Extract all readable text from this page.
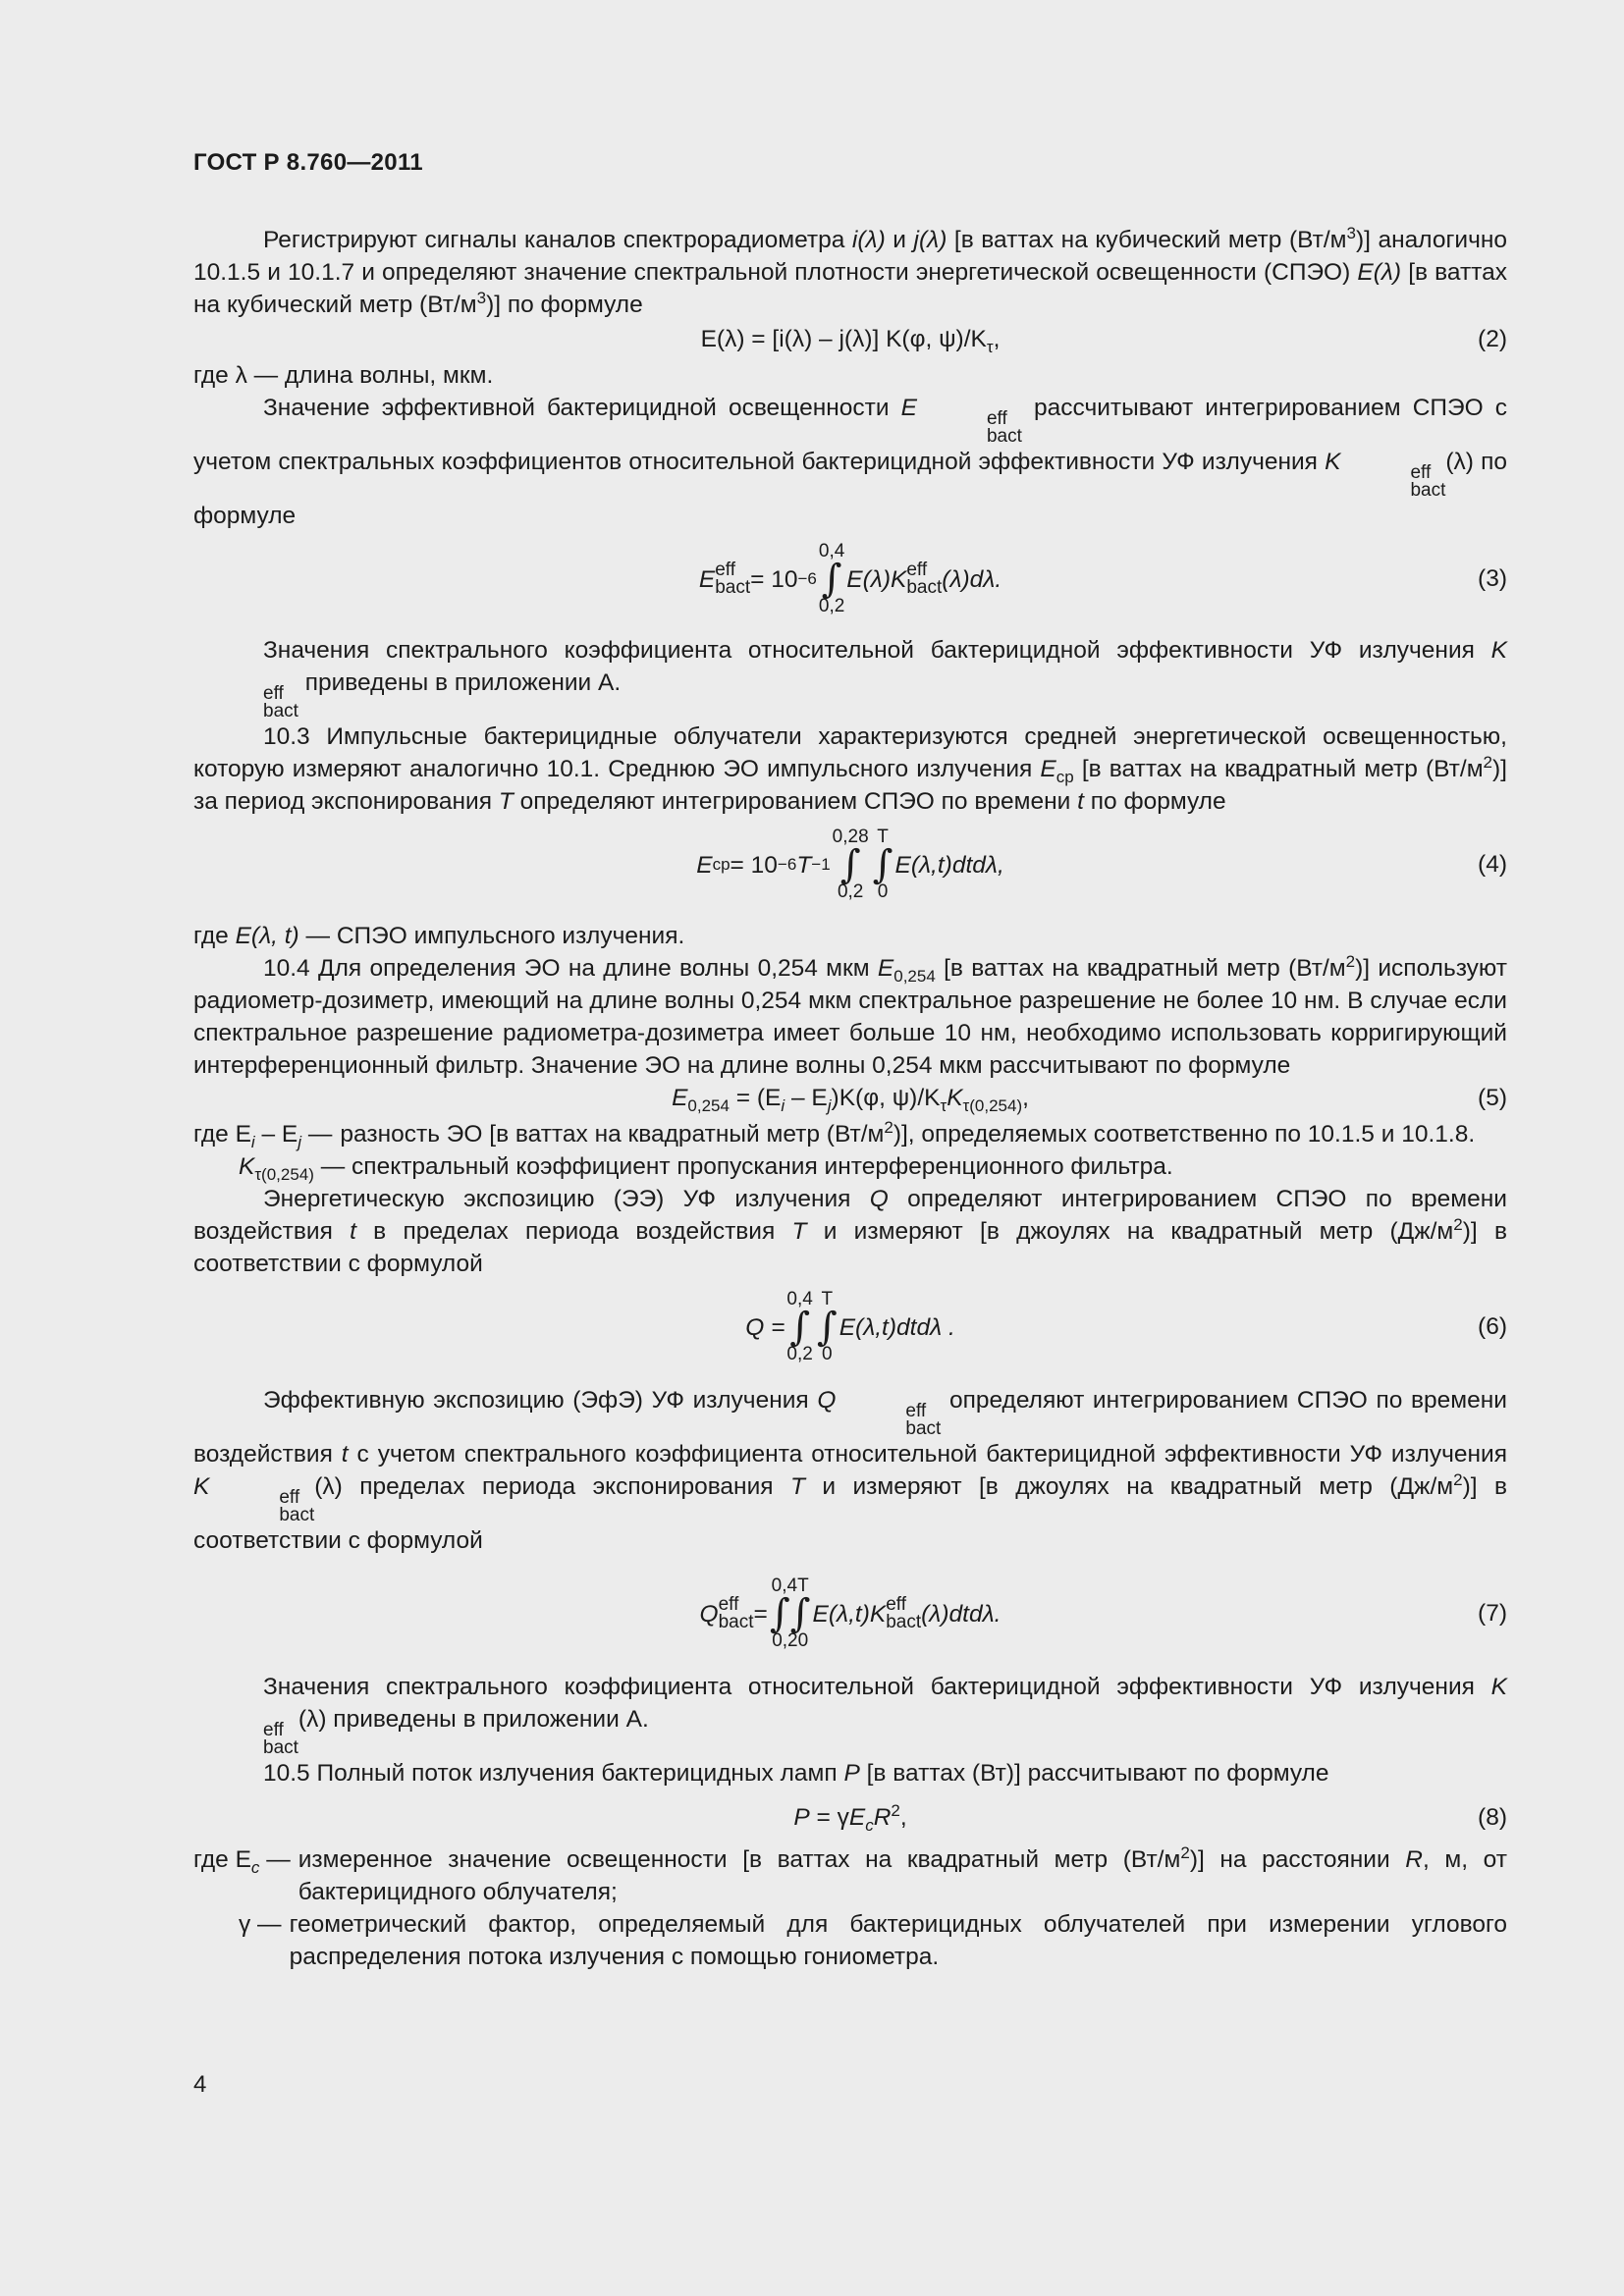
ГОСТ Р 8.760—2011

Регистрируют сигналы каналов спектрорадиометра i(λ) и j(λ) [в ваттах на кубический метр $(Вт/м^3)$] аналогично 10.1.5 и 10.1.7 и определяют значение спектральной плотности энергетической освещенности (СПЭО) E(λ) [в ваттах на кубический метр $(Вт/м^3)$] по формуле

E(λ) = [i(λ) – j(λ)] K(φ, $\psi)/K_\tau$,	(2)

где λ — длина волны, мкм.

Значение эффективной бактерицидной освещенности E	eff
bact
рассчитывают интегрированием СПЭО с учетом спектральных коэффициентов относительной бактерицидной эффективности УФ излучения K	eff
bact
(λ) по формуле

E eff
bact = 10 −6
0,4
∫
0,2
E(λ) K eff
bact (λ)dλ.	(3)

Значения спектрального коэффициента относительной бактерицидной эффективности УФ излучения K
eff
bact
приведены в приложении А.

10.3 Импульсные бактерицидные облучатели характеризуются средней энергетической освещенностью, которую измеряют аналогично 10.1. Среднюю ЭО импульсного излучения $E_{ср}$ [в ваттах на квадратный метр $(Вт/м^2)$] за период экспонирования T определяют интегрированием СПЭО по времени t по формуле

E ср = 10 −6 T −1
0,28
∫
0,2
T
∫
0
E(λ,t)dtdλ,	(4)

где E(λ, t) — СПЭО импульсного излучения.

10.4 Для определения ЭО на длине волны 0,254 мкм $E_{0,254}$ [в ваттах на квадратный метр $(Вт/м^2)$] используют радиометр-дозиметр, имеющий на длине волны 0,254 мкм спектральное разрешение не более 10 нм. В случае если спектральное разрешение радиометра-дозиметра имеет больше 10 нм, необходимо использовать корригирующий интерференционный фильтр. Значение ЭО на длине волны 0,254 мкм рассчитывают по формуле

$E_{0,254} = (E_i - E_j)K(\varphi$, $\psi)/K_\tau K_{\tau(0,254)}$,	(5)
где $E_i - E_j$ — разность ЭО [в ваттах на квадратный метр $(Вт/м^2)$], определяемых соответственно по 10.1.5 и 10.1.8.

$K_{\tau(0,254)}$ — спектральный коэффициент пропускания интерференционного фильтра.

Энергетическую экспозицию (ЭЭ) УФ излучения Q определяют интегрированием СПЭО по времени воздействия t в пределах периода воздействия T и измеряют [в джоулях на квадратный метр $(Дж/м^2)$] в соответствии с формулой

Q =
0,4
∫
0,2
T
∫
0
E(λ,t)dtdλ .	(6)

Эффективную экспозицию (ЭфЭ) УФ излучения Q	eff
bact
определяют интегрированием СПЭО по времени воздействия t с учетом спектрального коэффициента относительной бактерицидной эффективности УФ излучения K	eff
bact
(λ) пределах периода экспонирования T и измеряют [в джоулях на квадратный метр $(Дж/м^2)$] в соответствии с формулой

Q eff
bact =
0,4T
∫∫
0,20
E(λ,t) K eff
bact (λ)dtdλ.	(7)

Значения спектрального коэффициента относительной бактерицидной эффективности УФ излучения K
eff
bact
(λ) приведены в приложении А.

10.5 Полный поток излучения бактерицидных ламп P [в ваттах (Вт)] рассчитывают по формуле

$P = \gamma E_cR^2$,	(8)
где $E_c$ — измеренное значение освещенности [в ваттах на квадратный метр $(Вт/м^2)$] на расстоянии R, м, от бактерицидного облучателя;
γ — геометрический фактор, определяемый для бактерицидных облучателей при измерении углового распределения потока излучения с помощью гониометра.
4
